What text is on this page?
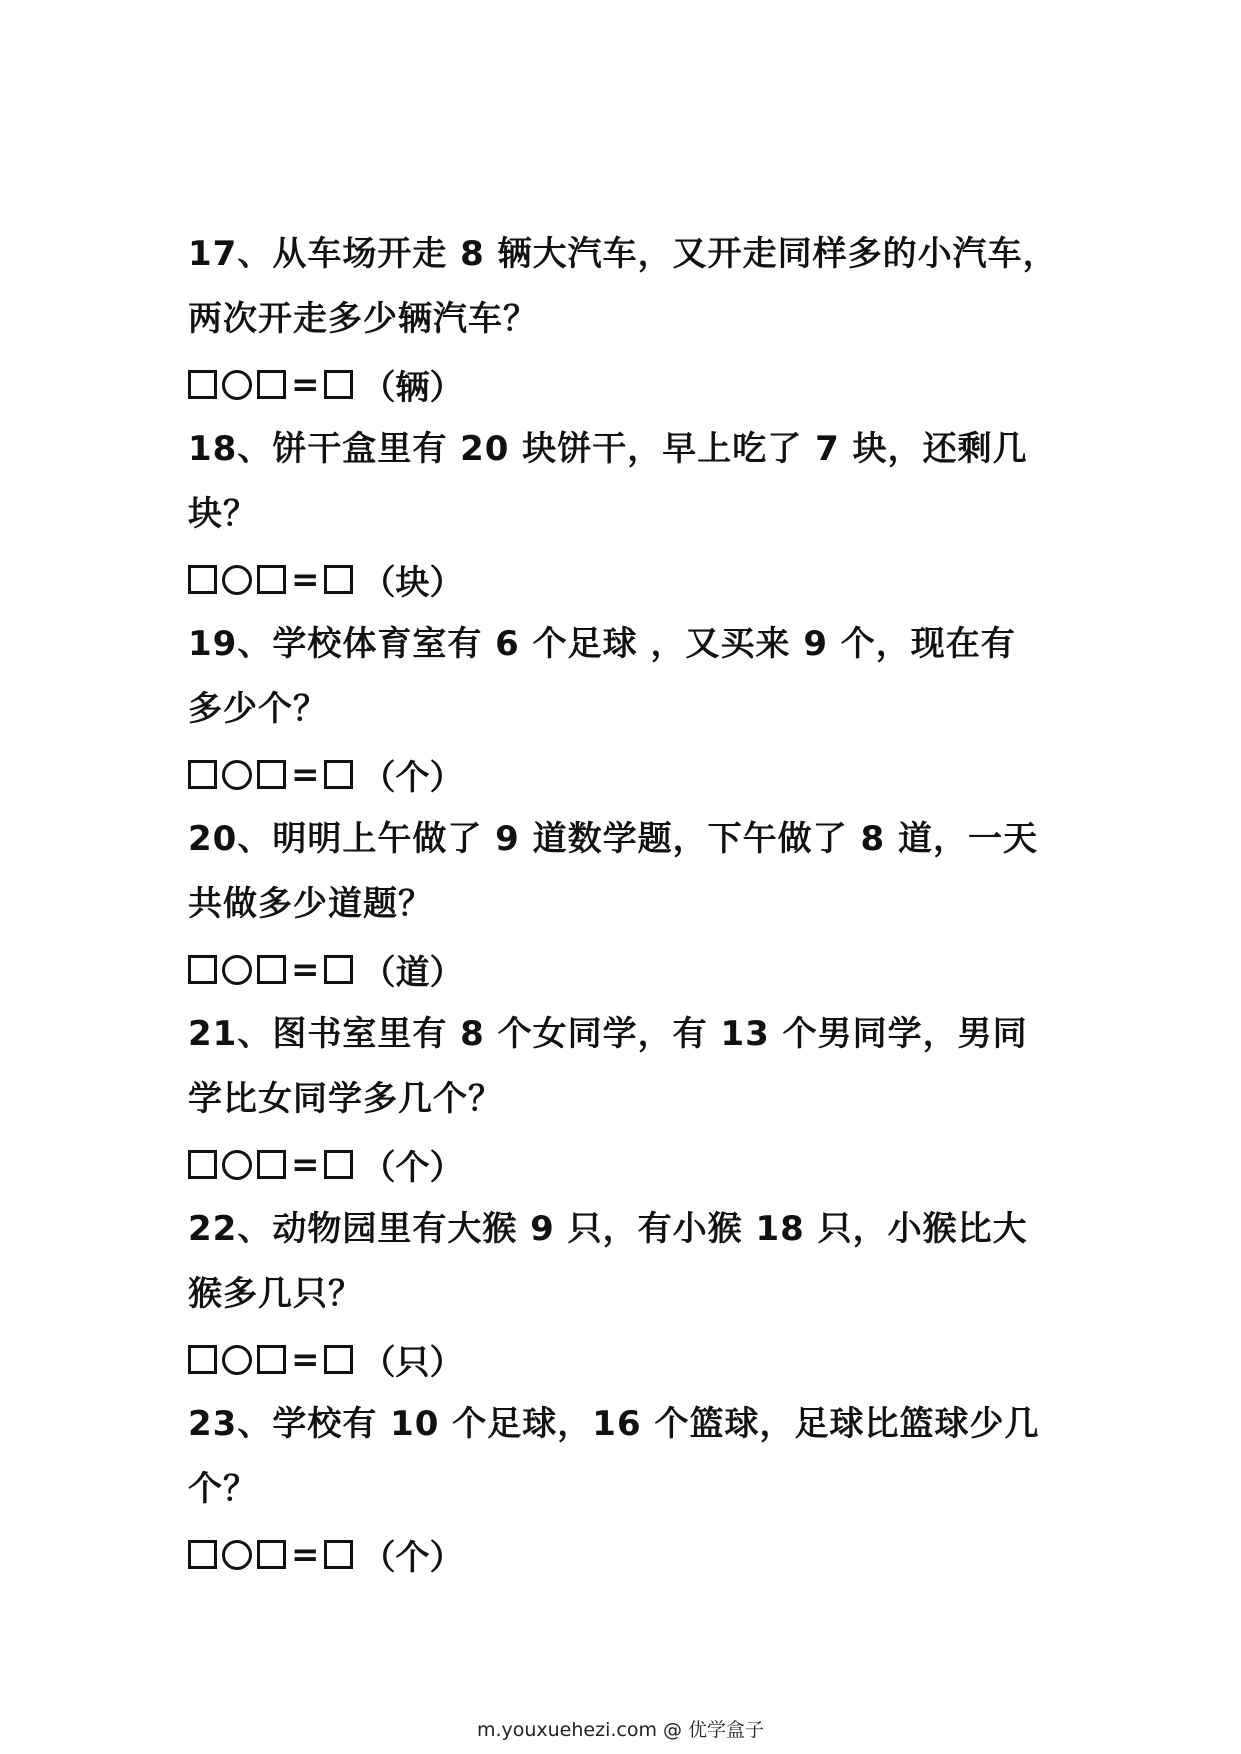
17、从车场开走 8 辆大汽车，又开走同样多的小汽车，
两次开走多少辆汽车？
= （辆）
18、饼干盒里有 20 块饼干，早上吃了 7 块，还剩几
块？
= （块）
19、学校体育室有 6 个足球 ，又买来 9 个，现在有
多少个？
= （个）
20、明明上午做了 9 道数学题，下午做了 8 道，一天
共做多少道题？
= （道）
21、图书室里有 8 个女同学，有 13 个男同学，男同
学比女同学多几个？
= （个）
22、动物园里有大猴 9 只，有小猴 18 只，小猴比大
猴多几只？
= （只）
23、学校有 10 个足球，16 个篮球，足球比篮球少几
个？
= （个）
m.youxuehezi.com @ 优学盒子
